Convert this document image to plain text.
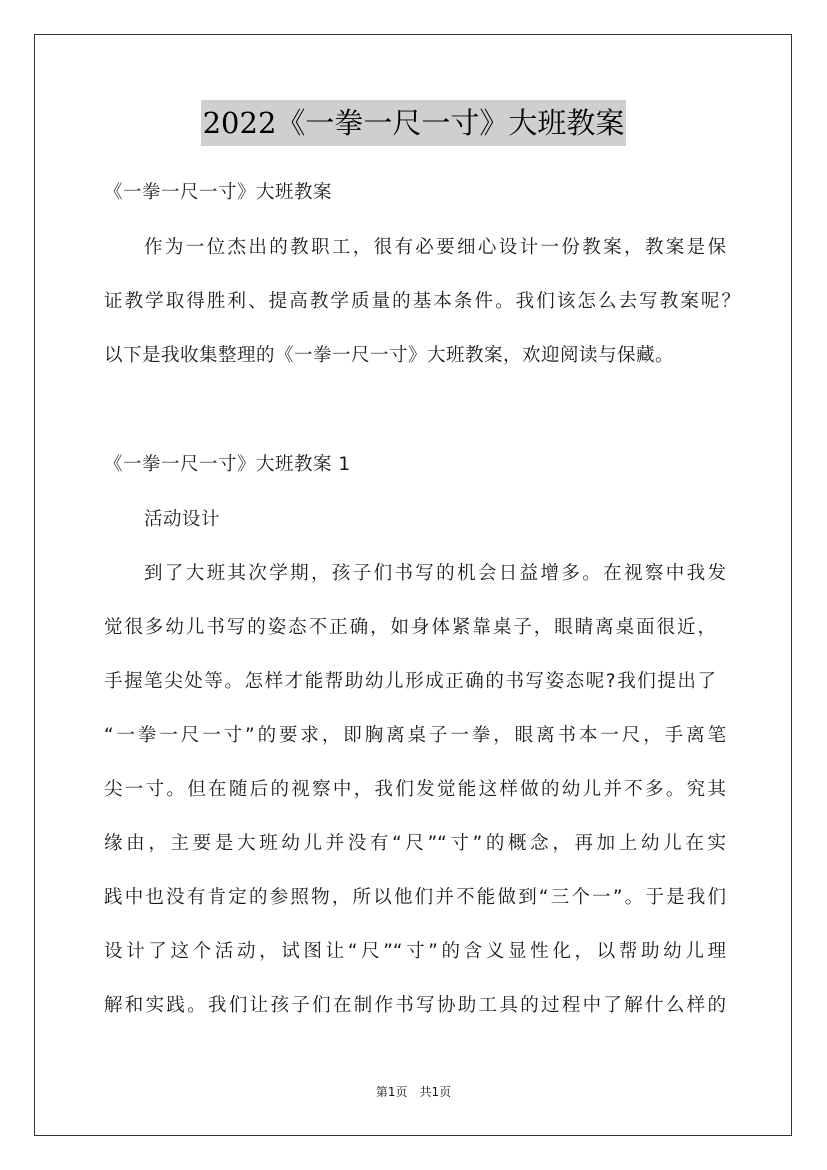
2022《一拳一尺一寸》大班教案
《一拳一尺一寸》大班教案
作为一位杰出的教职工，很有必要细心设计一份教案，教案是保
证教学取得胜利、提高教学质量的基本条件。我们该怎么去写教案呢？
以下是我收集整理的《一拳一尺一寸》大班教案，欢迎阅读与保藏。
《一拳一尺一寸》大班教案 1
活动设计
到了大班其次学期，孩子们书写的机会日益增多。在视察中我发
觉很多幼儿书写的姿态不正确，如身体紧靠桌子，眼睛离桌面很近，
手握笔尖处等。怎样才能帮助幼儿形成正确的书写姿态呢?我们提出了
“一拳一尺一寸”的要求，即胸离桌子一拳，眼离书本一尺，手离笔
尖一寸。但在随后的视察中，我们发觉能这样做的幼儿并不多。究其
缘由，主要是大班幼儿并没有“尺”“寸”的概念，再加上幼儿在实
践中也没有肯定的参照物，所以他们并不能做到“三个一”。于是我们
设计了这个活动，试图让“尺”“寸”的含义显性化，以帮助幼儿理
解和实践。我们让孩子们在制作书写协助工具的过程中了解什么样的
第1页　共1页
